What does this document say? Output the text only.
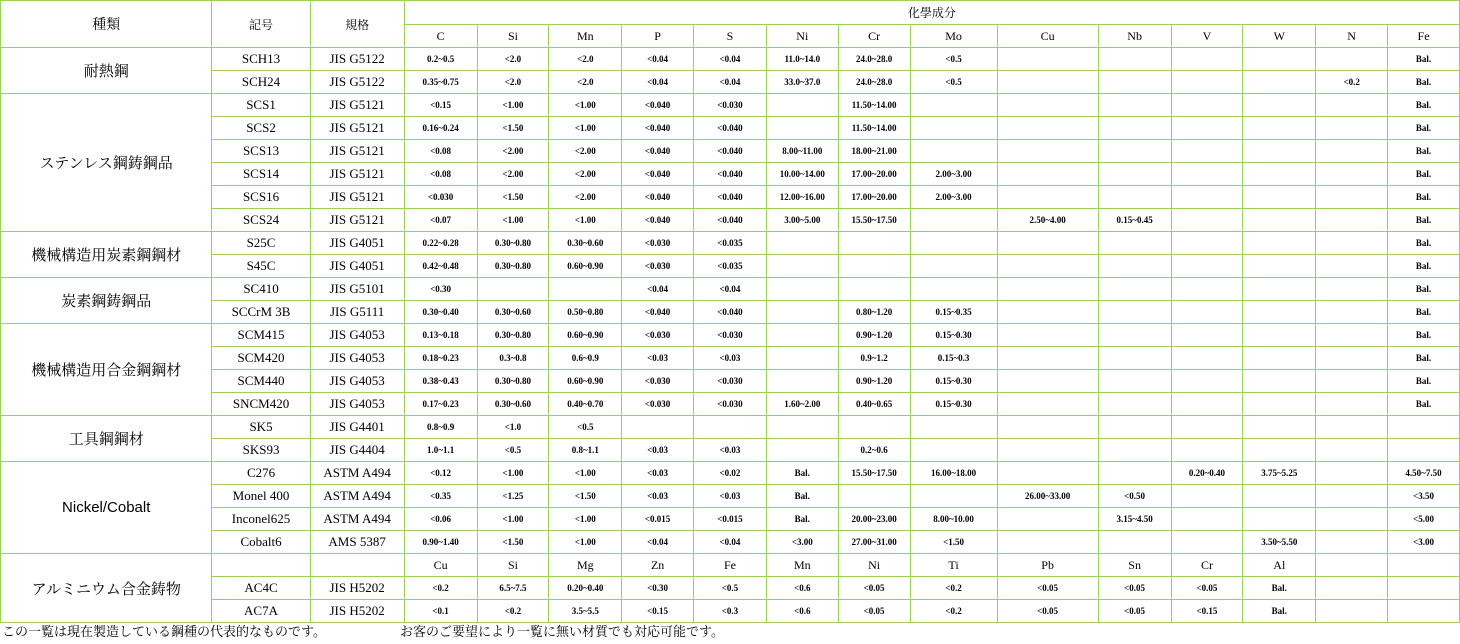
種類	記号	規格	化學成分													
			C	Si	Mn	P	S	Ni	Cr	Mo	Cu	Nb	V	W	N	Fe
耐熱鋼	SCH13	JIS G5122	0.2~0.5	<2.0	<2.0	<0.04	<0.04	11.0~14.0	24.0~28.0	<0.5						Bal.
	SCH24	JIS G5122	0.35~0.75	<2.0	<2.0	<0.04	<0.04	33.0~37.0	24.0~28.0	<0.5					<0.2	Bal.
ステンレス鋼鋳鋼品	SCS1	JIS G5121	<0.15	<1.00	<1.00	<0.040	<0.030		11.50~14.00							Bal.
	SCS2	JIS G5121	0.16~0.24	<1.50	<1.00	<0.040	<0.040		11.50~14.00							Bal.
	SCS13	JIS G5121	<0.08	<2.00	<2.00	<0.040	<0.040	8.00~11.00	18.00~21.00							Bal.
	SCS14	JIS G5121	<0.08	<2.00	<2.00	<0.040	<0.040	10.00~14.00	17.00~20.00	2.00~3.00						Bal.
	SCS16	JIS G5121	<0.030	<1.50	<2.00	<0.040	<0.040	12.00~16.00	17.00~20.00	2.00~3.00						Bal.
	SCS24	JIS G5121	<0.07	<1.00	<1.00	<0.040	<0.040	3.00~5.00	15.50~17.50		2.50~4.00	0.15~0.45				Bal.
機械構造用炭素鋼鋼材	S25C	JIS G4051	0.22~0.28	0.30~0.80	0.30~0.60	<0.030	<0.035									Bal.
	S45C	JIS G4051	0.42~0.48	0.30~0.80	0.60~0.90	<0.030	<0.035									Bal.
炭素鋼鋳鋼品	SC410	JIS G5101	<0.30			<0.04	<0.04									Bal.
	SCCrM 3B	JIS G5111	0.30~0.40	0.30~0.60	0.50~0.80	<0.040	<0.040		0.80~1.20	0.15~0.35						Bal.
機械構造用合金鋼鋼材	SCM415	JIS G4053	0.13~0.18	0.30~0.80	0.60~0.90	<0.030	<0.030		0.90~1.20	0.15~0.30						Bal.
	SCM420	JIS G4053	0.18~0.23	0.3~0.8	0.6~0.9	<0.03	<0.03		0.9~1.2	0.15~0.3						Bal.
	SCM440	JIS G4053	0.38~0.43	0.30~0.80	0.60~0.90	<0.030	<0.030		0.90~1.20	0.15~0.30						Bal.
	SNCM420	JIS G4053	0.17~0.23	0.30~0.60	0.40~0.70	<0.030	<0.030	1.60~2.00	0.40~0.65	0.15~0.30						Bal.
工具鋼鋼材	SK5	JIS G4401	0.8~0.9	<1.0	<0.5											
	SKS93	JIS G4404	1.0~1.1	<0.5	0.8~1.1	<0.03	<0.03		0.2~0.6							
Nickel/Cobalt	C276	ASTM A494	<0.12	<1.00	<1.00	<0.03	<0.02	Bal.	15.50~17.50	16.00~18.00			0.20~0.40	3.75~5.25		4.50~7.50
	Monel 400	ASTM A494	<0.35	<1.25	<1.50	<0.03	<0.03	Bal.			26.00~33.00	<0.50				<3.50
	Inconel625	ASTM A494	<0.06	<1.00	<1.00	<0.015	<0.015	Bal.	20.00~23.00	8.00~10.00		3.15~4.50				<5.00
	Cobalt6	AMS 5387	0.90~1.40	<1.50	<1.00	<0.04	<0.04	<3.00	27.00~31.00	<1.50				3.50~5.50		<3.00
アルミニウム合金鋳物			Cu	Si	Mg	Zn	Fe	Mn	Ni	Ti	Pb	Sn	Cr	Al		
	AC4C	JIS H5202	<0.2	6.5~7.5	0.20~0.40	<0.30	<0.5	<0.6	<0.05	<0.2	<0.05	<0.05	<0.05	Bal.		
	AC7A	JIS H5202	<0.1	<0.2	3.5~5.5	<0.15	<0.3	<0.6	<0.05	<0.2	<0.05	<0.05	<0.15	Bal.		
この一覧は現在製造している鋼種の代表的なものです。	お客のご要望により一覧に無い材質でも対応可能です。
